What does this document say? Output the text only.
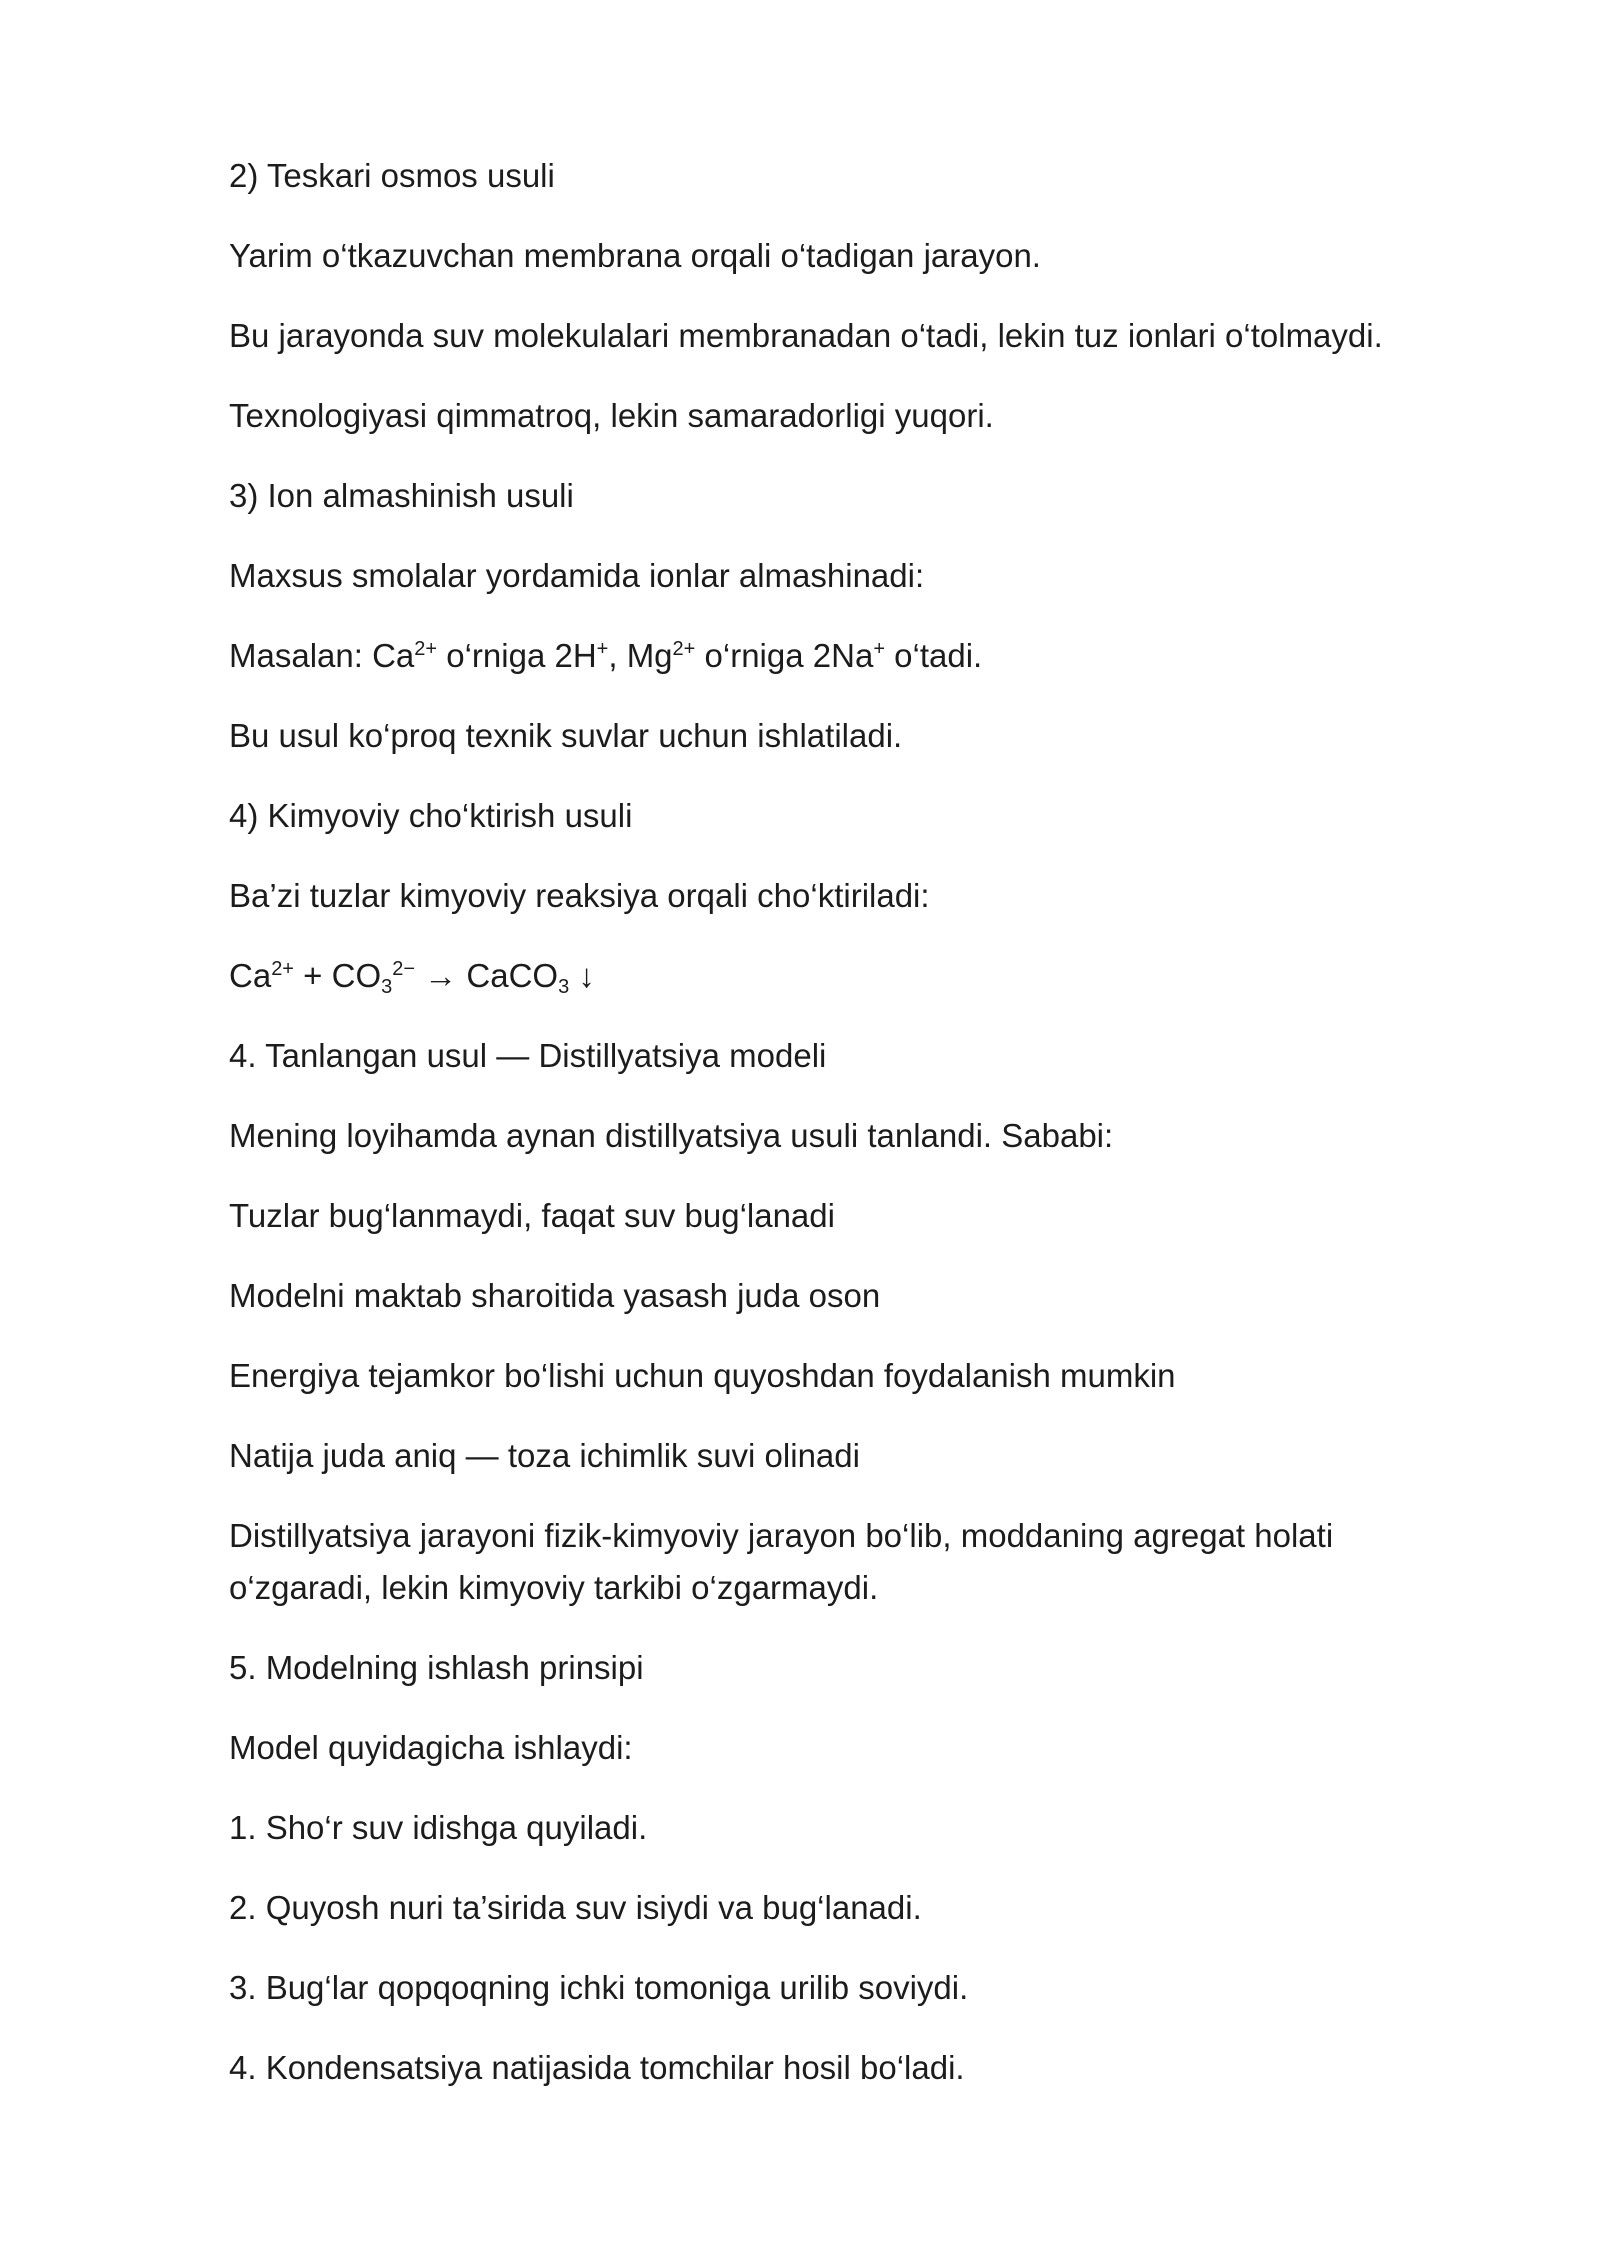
2) Teskari osmos usuli
Yarim o‘tkazuvchan membrana orqali o‘tadigan jarayon.
Bu jarayonda suv molekulalari membranadan o‘tadi, lekin tuz ionlari o‘tolmaydi.
Texnologiyasi qimmatroq, lekin samaradorligi yuqori.
3) Ion almashinish usuli
Maxsus smolalar yordamida ionlar almashinadi:
Masalan: $Ca^{2+}$ o‘rniga 2H+, $Mg^{2+}$ o‘rniga 2Na+ o‘tadi.
Bu usul ko‘proq texnik suvlar uchun ishlatiladi.
4) Kimyoviy cho‘ktirish usuli
Ba’zi tuzlar kimyoviy reaksiya orqali cho‘ktiriladi:
$Ca^{2+} + CO_3^{2-}$ → CaCO$_3$ ↓
4. Tanlangan usul — Distillyatsiya modeli
Mening loyihamda aynan distillyatsiya usuli tanlandi. Sababi:
Tuzlar bug‘lanmaydi, faqat suv bug‘lanadi
Modelni maktab sharoitida yasash juda oson
Energiya tejamkor bo‘lishi uchun quyoshdan foydalanish mumkin
Natija juda aniq — toza ichimlik suvi olinadi
Distillyatsiya jarayoni fizik-kimyoviy jarayon bo‘lib, moddaning agregat holati o‘zgaradi, lekin kimyoviy tarkibi o‘zgarmaydi.
5. Modelning ishlash prinsipi
Model quyidagicha ishlaydi:
1. Sho‘r suv idishga quyiladi.
2. Quyosh nuri ta’sirida suv isiydi va bug‘lanadi.
3. Bug‘lar qopqoqning ichki tomoniga urilib soviydi.
4. Kondensatsiya natijasida tomchilar hosil bo‘ladi.
